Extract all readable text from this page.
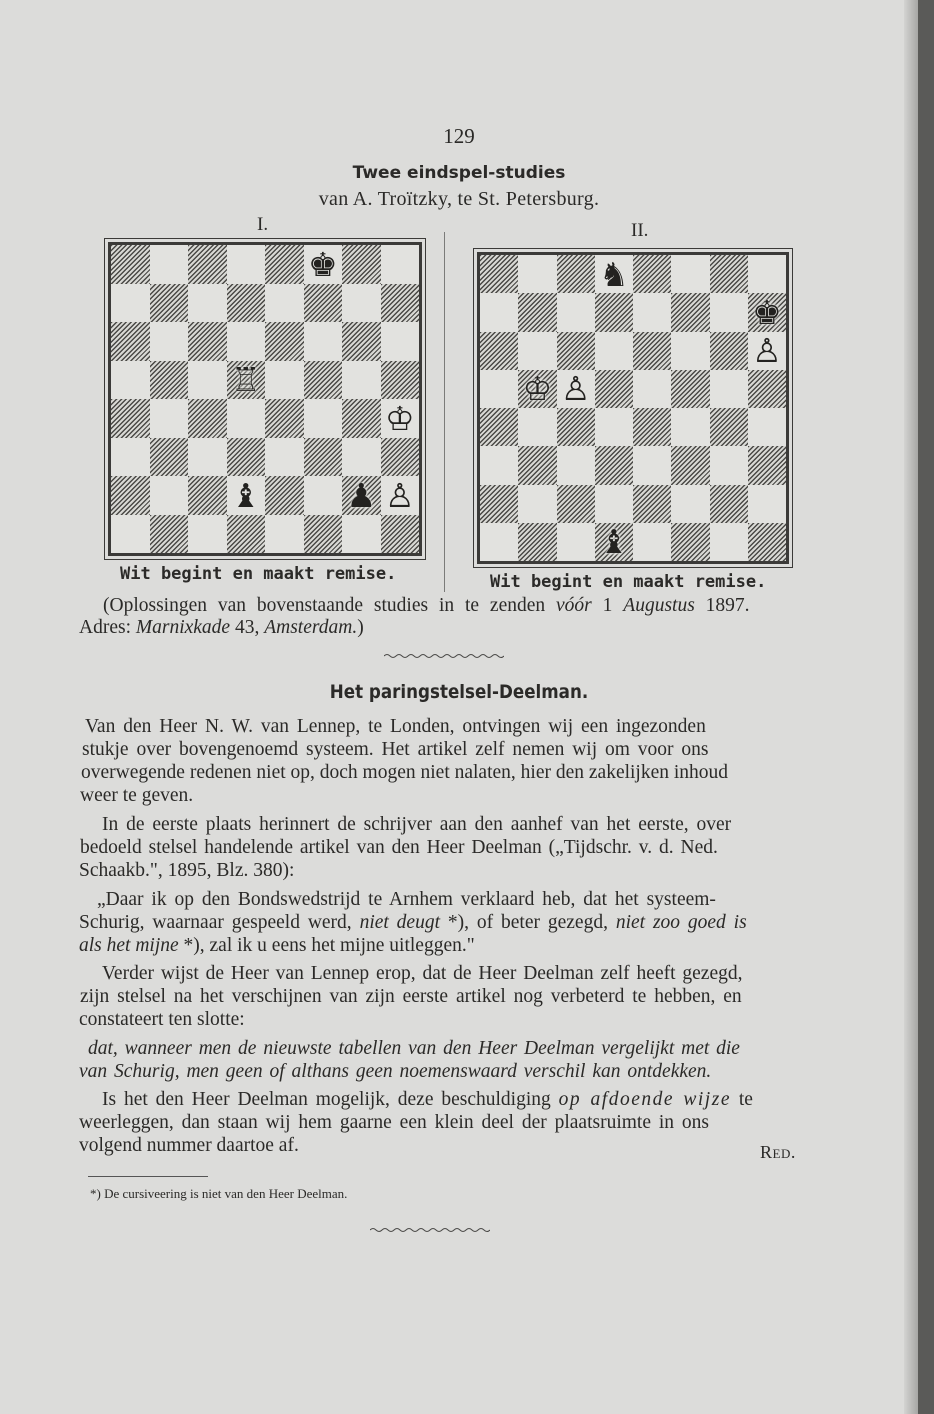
129
Twee eindspel-studies
van A. Troïtzky, te St. Petersburg.
I.	II.
♚
♖
♔
♝	♟ ♙
♞
♚
♙
♔ ♙
♝
Wit begint en maakt remise.	Wit begint en maakt remise.
(Oplossingen van bovenstaande studies in te zenden vóór 1 Augustus 1897.
Adres: Marnixkade 43, Amsterdam.)
Het paringstelsel-Deelman.
Van den Heer N. W. van Lennep, te Londen, ontvingen wij een ingezonden
stukje over bovengenoemd systeem. Het artikel zelf nemen wij om voor ons
overwegende redenen niet op, doch mogen niet nalaten, hier den zakelijken inhoud
weer te geven.
In de eerste plaats herinnert de schrijver aan den aanhef van het eerste, over
bedoeld stelsel handelende artikel van den Heer Deelman („Tijdschr. v. d. Ned.
Schaakb.", 1895, Blz. 380):
„Daar ik op den Bondswedstrijd te Arnhem verklaard heb, dat het systeem-
Schurig, waarnaar gespeeld werd, niet deugt *), of beter gezegd, niet zoo goed is
als het mijne *), zal ik u eens het mijne uitleggen."
Verder wijst de Heer van Lennep erop, dat de Heer Deelman zelf heeft gezegd,
zijn stelsel na het verschijnen van zijn eerste artikel nog verbeterd te hebben, en
constateert ten slotte:
dat, wanneer men de nieuwste tabellen van den Heer Deelman vergelijkt met die
van Schurig, men geen of althans geen noemenswaard verschil kan ontdekken.
Is het den Heer Deelman mogelijk, deze beschuldiging op afdoende wijze te
weerleggen, dan staan wij hem gaarne een klein deel der plaatsruimte in ons
volgend nummer daartoe af.	Red.
*) De cursiveering is niet van den Heer Deelman.
